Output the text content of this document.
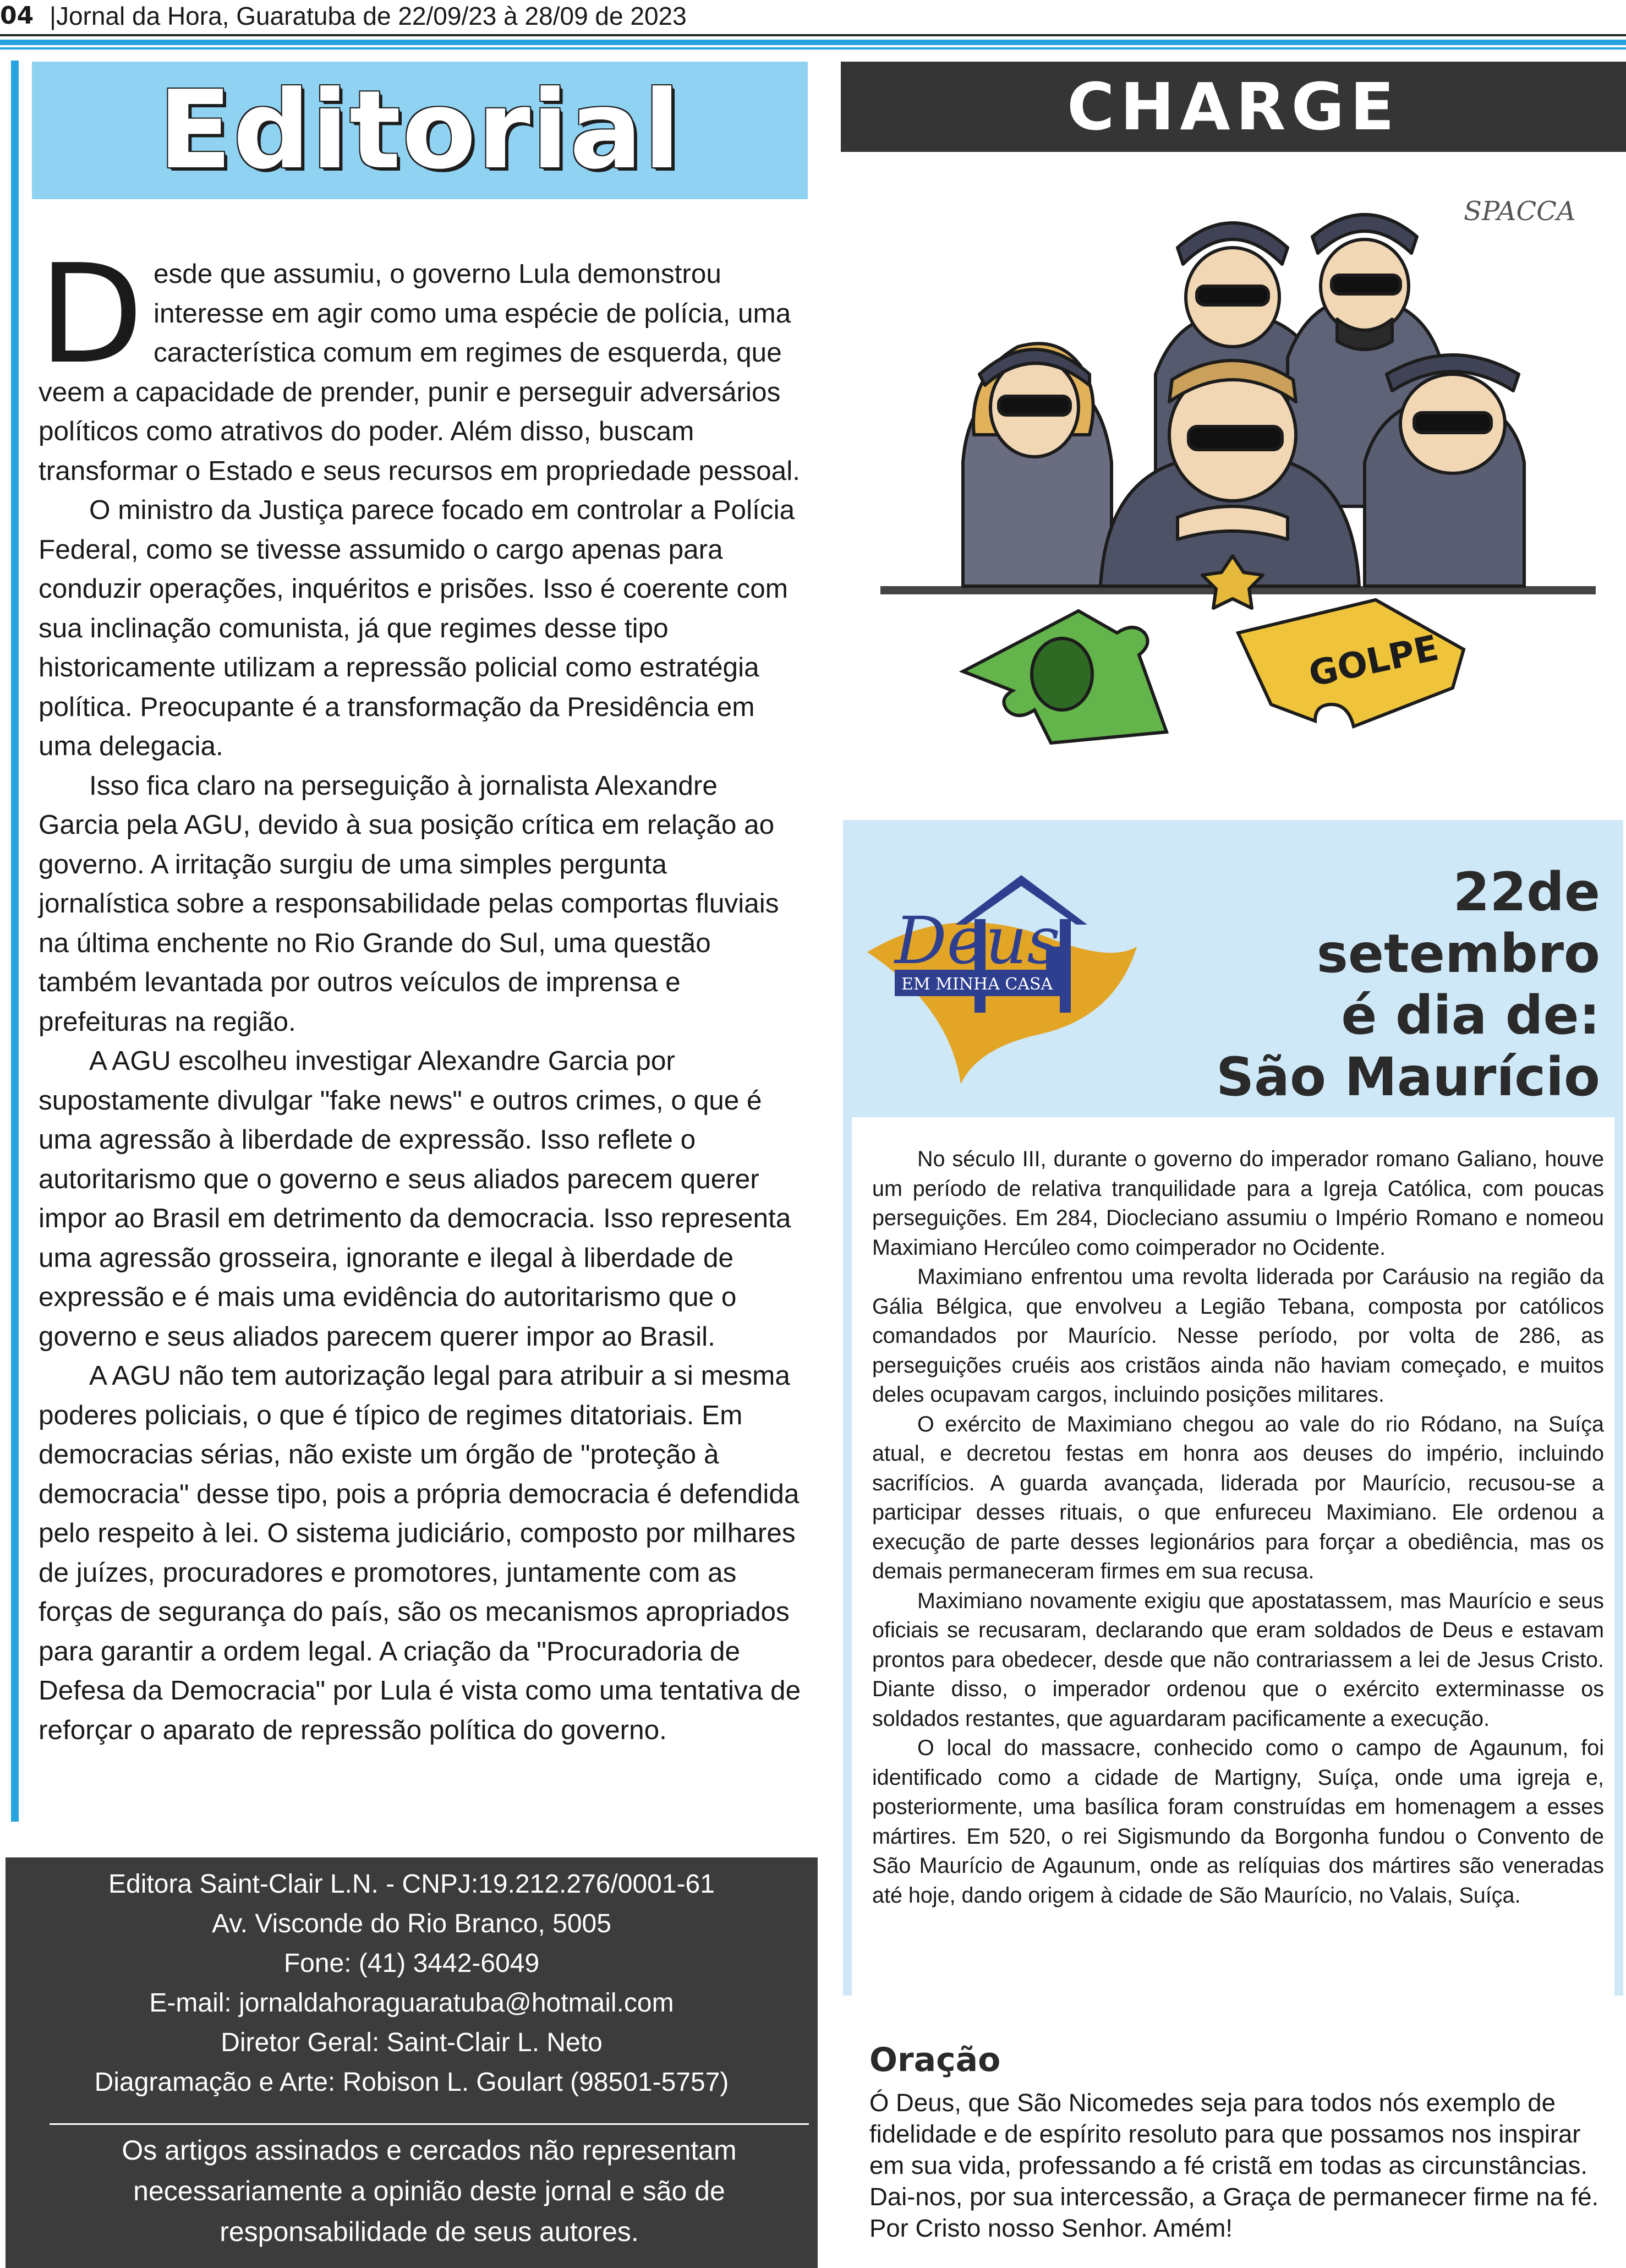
04 |Jornal da Hora, Guaratuba de 22/09/23 à 28/09 de 2023
Editorial

Desde que assumiu, o governo Lula demonstrou interesse em agir como uma espécie de polícia, uma característica comum em regimes de esquerda, que veem a capacidade de prender, punir e perseguir adversários políticos como atrativos do poder. Além disso, buscam transformar o Estado e seus recursos em propriedade pessoal.

O ministro da Justiça parece focado em controlar a Polícia Federal, como se tivesse assumido o cargo apenas para conduzir operações, inquéritos e prisões. Isso é coerente com sua inclinação comunista, já que regimes desse tipo historicamente utilizam a repressão policial como estratégia política. Preocupante é a transformação da Presidência em uma delegacia.

Isso fica claro na perseguição à jornalista Alexandre Garcia pela AGU, devido à sua posição crítica em relação ao governo. A irritação surgiu de uma simples pergunta jornalística sobre a responsabilidade pelas comportas fluviais na última enchente no Rio Grande do Sul, uma questão também levantada por outros veículos de imprensa e prefeituras na região.

A AGU escolheu investigar Alexandre Garcia por supostamente divulgar "fake news" e outros crimes, o que é uma agressão à liberdade de expressão. Isso reflete o autoritarismo que o governo e seus aliados parecem querer impor ao Brasil em detrimento da democracia. Isso representa uma agressão grosseira, ignorante e ilegal à liberdade de expressão e é mais uma evidência do autoritarismo que o governo e seus aliados parecem querer impor ao Brasil.

A AGU não tem autorização legal para atribuir a si mesma poderes policiais, o que é típico de regimes ditatoriais. Em democracias sérias, não existe um órgão de "proteção à democracia" desse tipo, pois a própria democracia é defendida pelo respeito à lei. O sistema judiciário, composto por milhares de juízes, procuradores e promotores, juntamente com as forças de segurança do país, são os mecanismos apropriados para garantir a ordem legal. A criação da "Procuradoria de Defesa da Democracia" por Lula é vista como uma tentativa de reforçar o aparato de repressão política do governo.

Editora Saint-Clair L.N. - CNPJ:19.212.276/0001-61
Av. Visconde do Rio Branco, 5005
Fone: (41) 3442-6049
E-mail: jornaldahoraguaratuba@hotmail.com
Diretor Geral: Saint-Clair L. Neto
Diagramação e Arte: Robison L. Goulart (98501-5757)
Os artigos assinados e cercados não representam necessariamente a opinião deste jornal e são de responsabilidade de seus autores.
CHARGE
SPACCA
GOLPE
EM MINHA CASA
Deus
22de setembro
é dia de:
São Maurício

No século III, durante o governo do imperador romano Galiano, houve um período de relativa tranquilidade para a Igreja Católica, com poucas perseguições. Em 284, Diocleciano assumiu o Império Romano e nomeou Maximiano Hercúleo como coimperador no Ocidente.

Maximiano enfrentou uma revolta liderada por Caráusio na região da Gália Bélgica, que envolveu a Legião Tebana, composta por católicos comandados por Maurício. Nesse período, por volta de 286, as perseguições cruéis aos cristãos ainda não haviam começado, e muitos deles ocupavam cargos, incluindo posições militares.

O exército de Maximiano chegou ao vale do rio Ródano, na Suíça atual, e decretou festas em honra aos deuses do império, incluindo sacrifícios. A guarda avançada, liderada por Maurício, recusou-se a participar desses rituais, o que enfureceu Maximiano. Ele ordenou a execução de parte desses legionários para forçar a obediência, mas os demais permaneceram firmes em sua recusa.

Maximiano novamente exigiu que apostatassem, mas Maurício e seus oficiais se recusaram, declarando que eram soldados de Deus e estavam prontos para obedecer, desde que não contrariassem a lei de Jesus Cristo. Diante disso, o imperador ordenou que o exército exterminasse os soldados restantes, que aguardaram pacificamente a execução.

O local do massacre, conhecido como o campo de Agaunum, foi identificado como a cidade de Martigny, Suíça, onde uma igreja e, posteriormente, uma basílica foram construídas em homenagem a esses mártires. Em 520, o rei Sigismundo da Borgonha fundou o Convento de São Maurício de Agaunum, onde as relíquias dos mártires são veneradas até hoje, dando origem à cidade de São Maurício, no Valais, Suíça.

Oração
Ó Deus, que São Nicomedes seja para todos nós exemplo de fidelidade e de espírito resoluto para que possamos nos inspirar em sua vida, professando a fé cristã em todas as circunstâncias. Dai-nos, por sua intercessão, a Graça de permanecer firme na fé. Por Cristo nosso Senhor. Amém!
